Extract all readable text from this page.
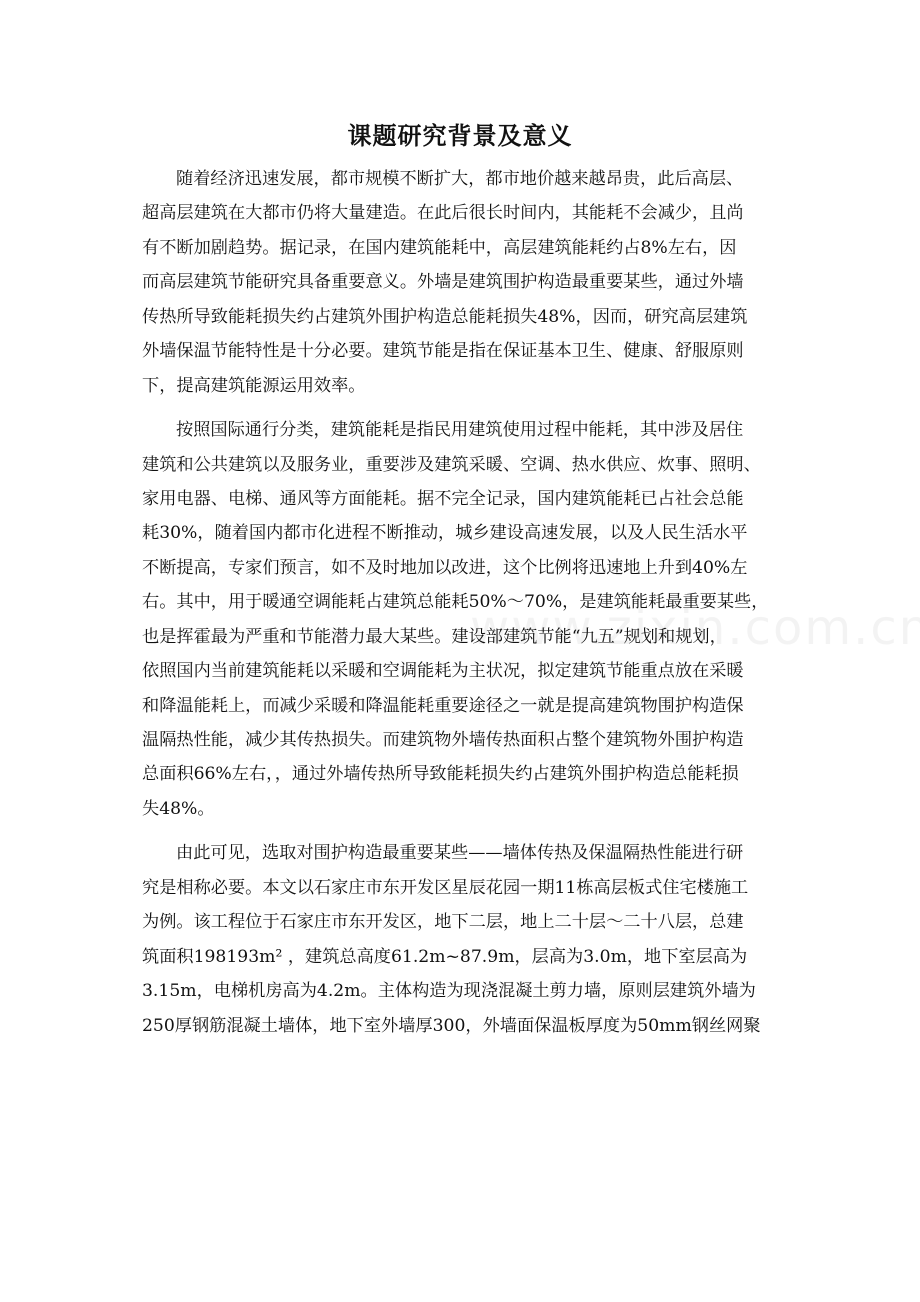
课题研究背景及意义
随着经济迅速发展，都市规模不断扩大，都市地价越来越昂贵，此后高层、
超高层建筑在大都市仍将大量建造。在此后很长时间内，其能耗不会减少，且尚
有不断加剧趋势。据记录，在国内建筑能耗中，高层建筑能耗约占8%左右，因
而高层建筑节能研究具备重要意义。外墙是建筑围护构造最重要某些，通过外墙
传热所导致能耗损失约占建筑外围护构造总能耗损失48%，因而，研究高层建筑
外墙保温节能特性是十分必要。建筑节能是指在保证基本卫生、健康、舒服原则
下，提高建筑能源运用效率。
按照国际通行分类，建筑能耗是指民用建筑使用过程中能耗，其中涉及居住
建筑和公共建筑以及服务业，重要涉及建筑采暖、空调、热水供应、炊事、照明、
家用电器、电梯、通风等方面能耗。据不完全记录，国内建筑能耗已占社会总能
耗30%，随着国内都市化进程不断推动，城乡建设高速发展，以及人民生活水平
不断提高，专家们预言，如不及时地加以改进，这个比例将迅速地上升到40%左
右。其中，用于暖通空调能耗占建筑总能耗50%～70%，是建筑能耗最重要某些，
也是挥霍最为严重和节能潜力最大某些。建设部建筑节能“九五”规划和规划，
依照国内当前建筑能耗以采暖和空调能耗为主状况，拟定建筑节能重点放在采暖
和降温能耗上，而减少采暖和降温能耗重要途径之一就是提高建筑物围护构造保
温隔热性能，减少其传热损失。而建筑物外墙传热面积占整个建筑物外围护构造
总面积66%左右，，通过外墙传热所导致能耗损失约占建筑外围护构造总能耗损
失48%。
由此可见，选取对围护构造最重要某些——墙体传热及保温隔热性能进行研
究是相称必要。本文以石家庄市东开发区星辰花园一期11栋高层板式住宅楼施工
为例。该工程位于石家庄市东开发区，地下二层，地上二十层～二十八层，总建
筑面积198193m² ，建筑总高度61.2m~87.9m，层高为3.0m，地下室层高为
3.15m，电梯机房高为4.2m。主体构造为现浇混凝土剪力墙，原则层建筑外墙为
250厚钢筋混凝土墙体，地下室外墙厚300，外墙面保温板厚度为50mm钢丝网聚
